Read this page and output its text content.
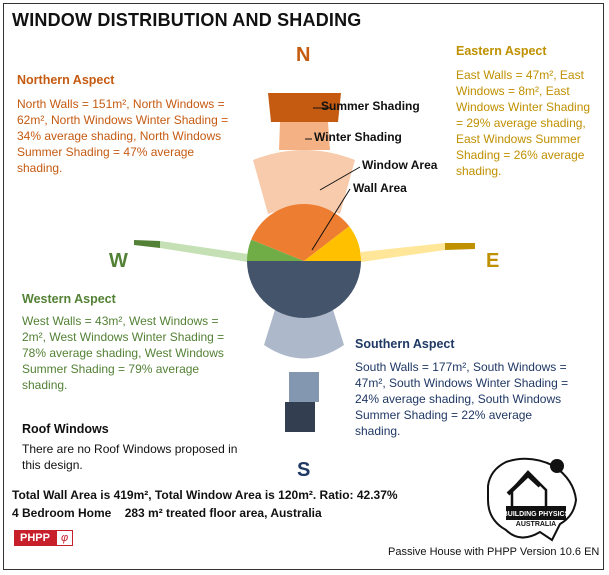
WINDOW DISTRIBUTION AND SHADING
BUILDING PHYSICS
AUSTRALIA
N
E
S
W
Summer Shading
Winter Shading
Window Area
Wall Area
Northern Aspect
North Walls = 151m², North Windows = 62m², North Windows Winter Shading = 34% average shading, North Windows Summer Shading = 47% average shading.
Eastern Aspect
East Walls = 47m², East Windows = 8m², East Windows Winter Shading = 29% average shading, East Windows Summer Shading = 26% average shading.
Western Aspect
West Walls = 43m², West Windows = 2m², West Windows Winter Shading = 78% average shading, West Windows Summer Shading = 79% average shading.
Southern Aspect
South Walls = 177m², South Windows = 47m², South Windows Winter Shading = 24% average shading, South Windows Summer Shading = 22% average shading.
Roof Windows
There are no Roof Windows proposed in this design.
Total Wall Area is 419m², Total Window Area is 120m². Ratio: 42.37%
4 Bedroom Home 283 m² treated floor area, Australia
PHPP	φ
Passive House with PHPP Version 10.6 EN
